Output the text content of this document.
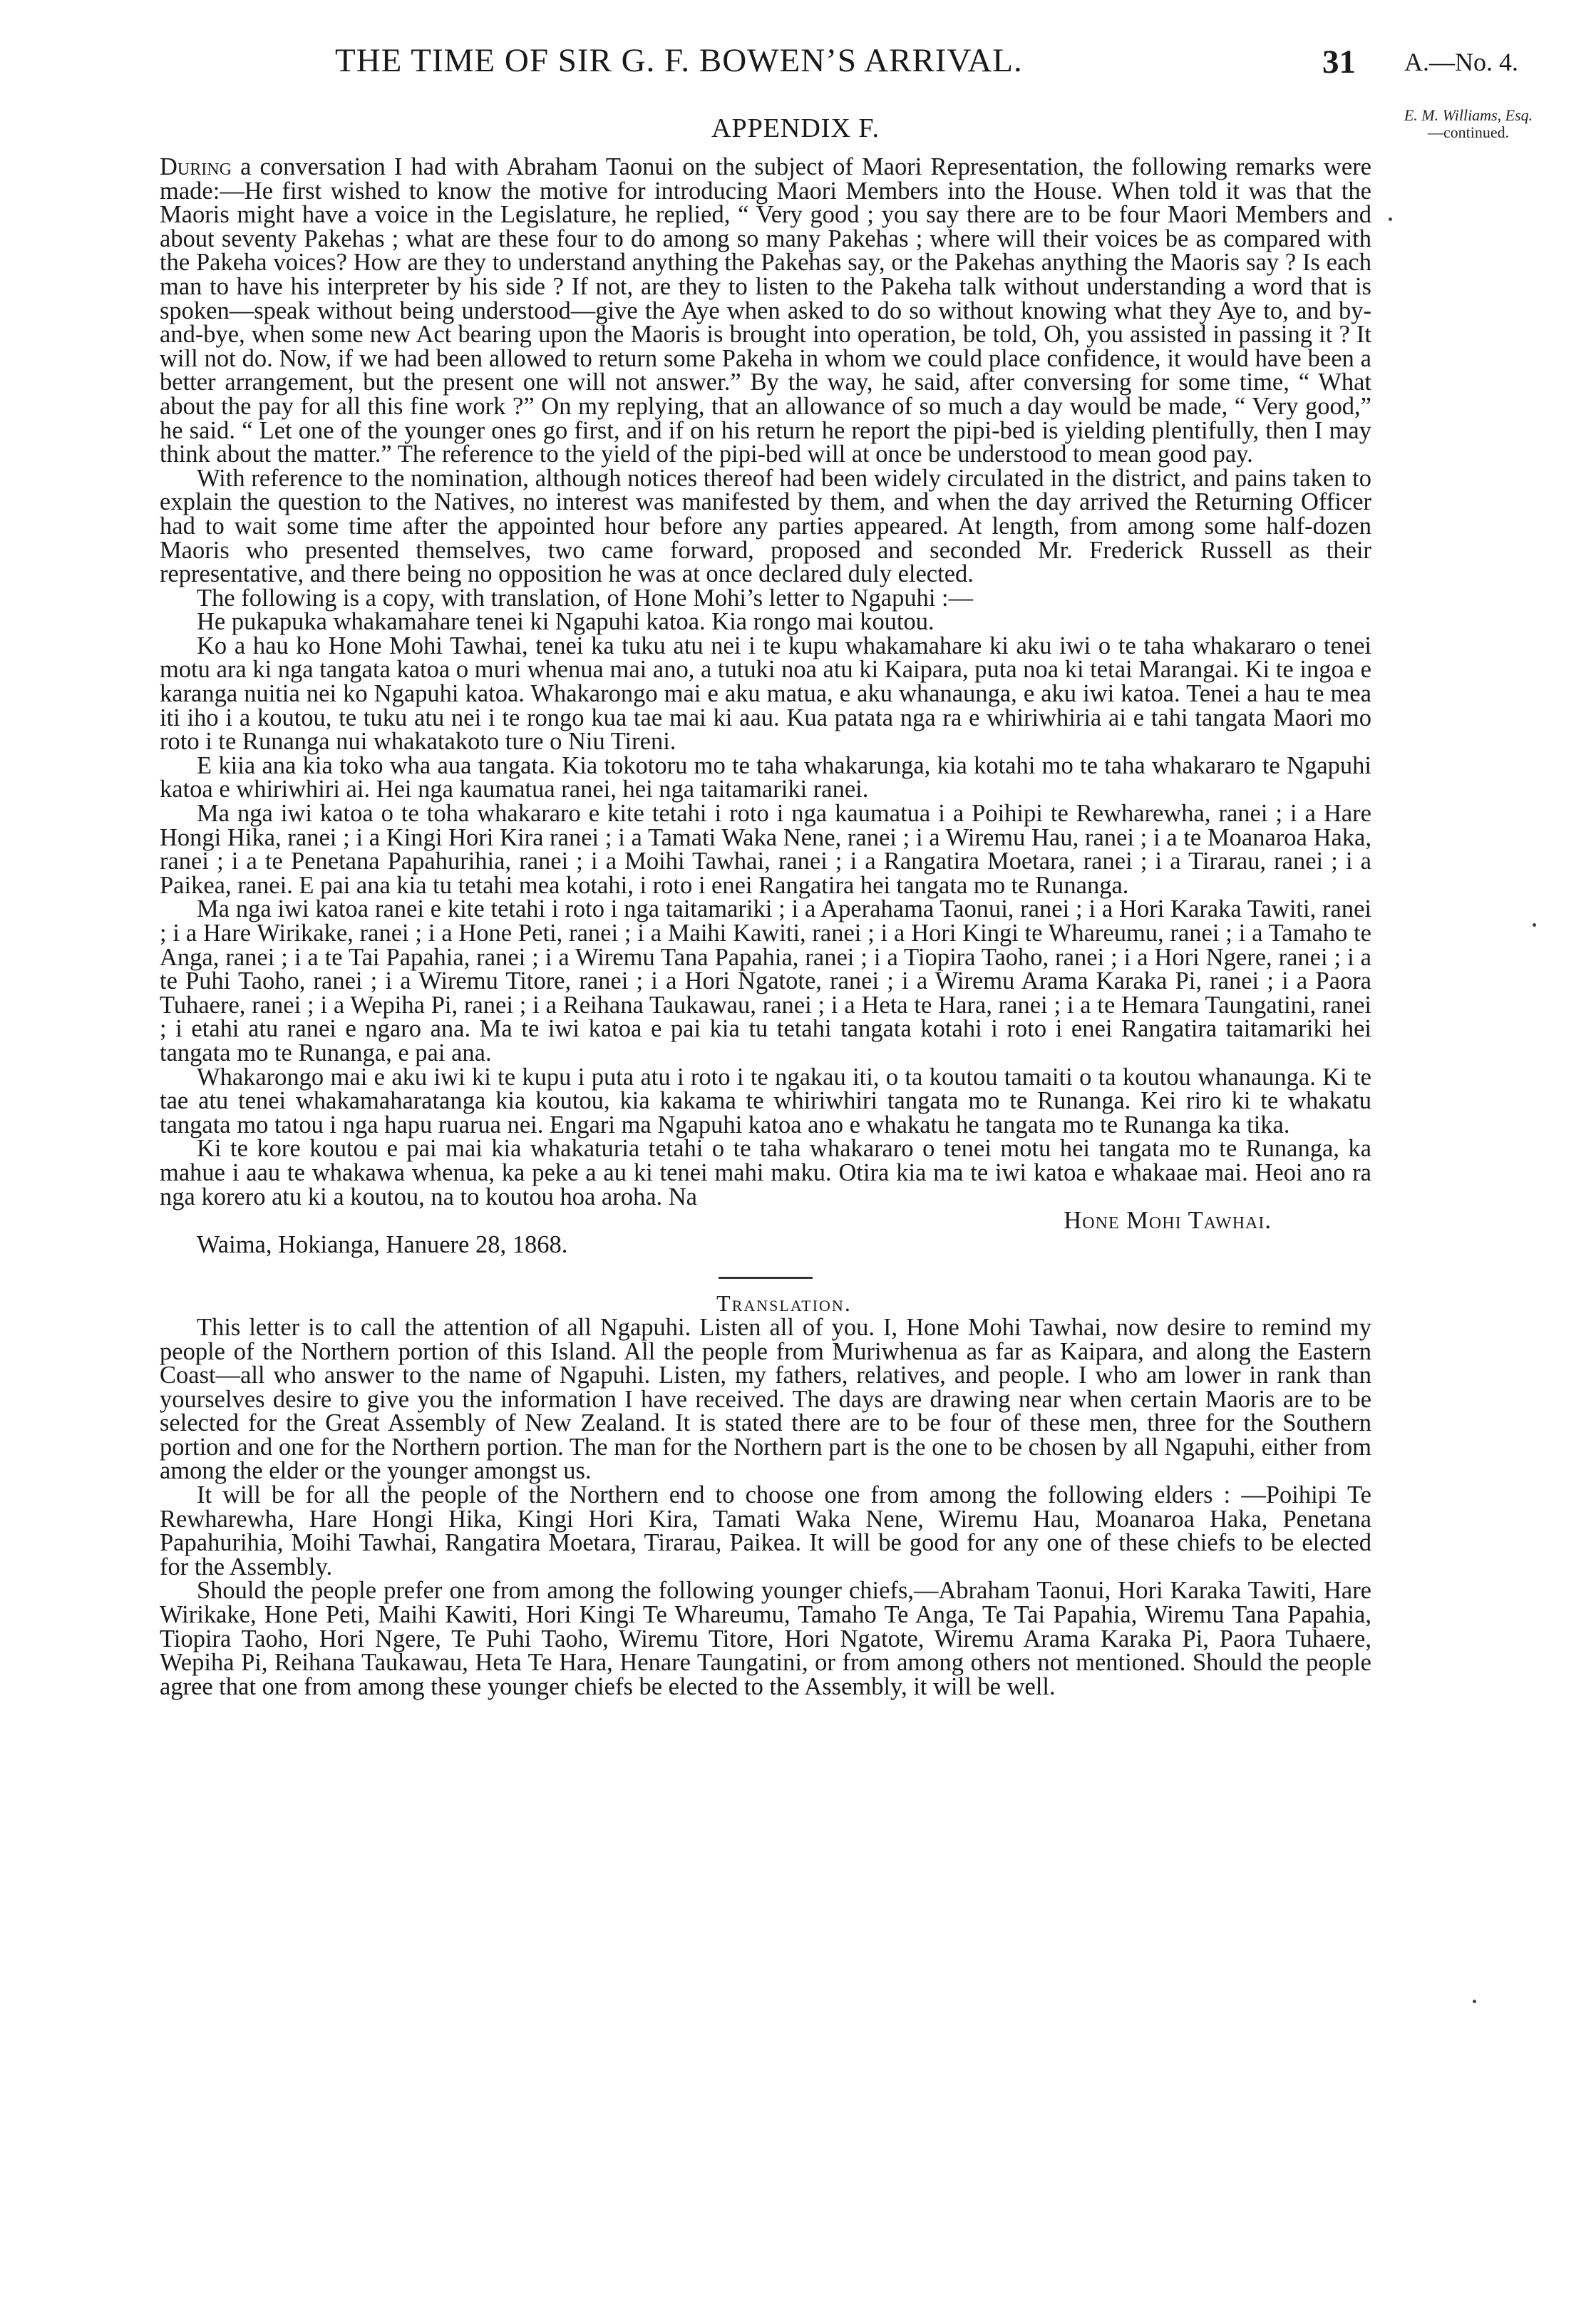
THE TIME OF SIR G. F. BOWEN’S ARRIVAL.	31 A.—No. 4.
APPENDIX F.	E. M. Williams, Esq.
—continued.

During a conversation I had with Abraham Taonui on the subject of Maori Representation, the following remarks were made:—He first wished to know the motive for introducing Maori Members into the House. When told it was that the Maoris might have a voice in the Legislature, he replied, “ Very good ; you say there are to be four Maori Members and about seventy Pakehas ; what are these four to do among so many Pakehas ; where will their voices be as compared with the Pakeha voices? How are they to understand anything the Pakehas say, or the Pakehas anything the Maoris say ? Is each man to have his interpreter by his side ? If not, are they to listen to the Pakeha talk without understanding a word that is spoken—speak without being understood—give the Aye when asked to do so without knowing what they Aye to, and by-and-bye, when some new Act bearing upon the Maoris is brought into operation, be told, Oh, you assisted in passing it ? It will not do. Now, if we had been allowed to return some Pakeha in whom we could place confidence, it would have been a better arrangement, but the present one will not answer.” By the way, he said, after conversing for some time, “ What about the pay for all this fine work ?” On my replying, that an allowance of so much a day would be made, “ Very good,” he said. “ Let one of the younger ones go first, and if on his return he report the pipi-bed is yielding plentifully, then I may think about the matter.” The reference to the yield of the pipi-bed will at once be understood to mean good pay.

With reference to the nomination, although notices thereof had been widely circulated in the district, and pains taken to explain the question to the Natives, no interest was manifested by them, and when the day arrived the Returning Officer had to wait some time after the appointed hour before any parties appeared. At length, from among some half-dozen Maoris who presented themselves, two came forward, proposed and seconded Mr. Frederick Russell as their representative, and there being no opposition he was at once declared duly elected.

The following is a copy, with translation, of Hone Mohi’s letter to Ngapuhi :—

He pukapuka whakamahare tenei ki Ngapuhi katoa. Kia rongo mai koutou.

Ko a hau ko Hone Mohi Tawhai, tenei ka tuku atu nei i te kupu whakamahare ki aku iwi o te taha whakararo o tenei motu ara ki nga tangata katoa o muri whenua mai ano, a tutuki noa atu ki Kaipara, puta noa ki tetai Marangai. Ki te ingoa e karanga nuitia nei ko Ngapuhi katoa. Whakarongo mai e aku matua, e aku whanaunga, e aku iwi katoa. Tenei a hau te mea iti iho i a koutou, te tuku atu nei i te rongo kua tae mai ki aau. Kua patata nga ra e whiriwhiria ai e tahi tangata Maori mo roto i te Runanga nui whakatakoto ture o Niu Tireni.

E kiia ana kia toko wha aua tangata. Kia tokotoru mo te taha whakarunga, kia kotahi mo te taha whakararo te Ngapuhi katoa e whiriwhiri ai. Hei nga kaumatua ranei, hei nga taitamariki ranei.

Ma nga iwi katoa o te toha whakararo e kite tetahi i roto i nga kaumatua i a Poihipi te Rewharewha, ranei ; i a Hare Hongi Hika, ranei ; i a Kingi Hori Kira ranei ; i a Tamati Waka Nene, ranei ; i a Wiremu Hau, ranei ; i a te Moanaroa Haka, ranei ; i a te Penetana Papahurihia, ranei ; i a Moihi Tawhai, ranei ; i a Rangatira Moetara, ranei ; i a Tirarau, ranei ; i a Paikea, ranei. E pai ana kia tu tetahi mea kotahi, i roto i enei Rangatira hei tangata mo te Runanga.

Ma nga iwi katoa ranei e kite tetahi i roto i nga taitamariki ; i a Aperahama Taonui, ranei ; i a Hori Karaka Tawiti, ranei ; i a Hare Wirikake, ranei ; i a Hone Peti, ranei ; i a Maihi Kawiti, ranei ; i a Hori Kingi te Whareumu, ranei ; i a Tamaho te Anga, ranei ; i a te Tai Papahia, ranei ; i a Wiremu Tana Papahia, ranei ; i a Tiopira Taoho, ranei ; i a Hori Ngere, ranei ; i a te Puhi Taoho, ranei ; i a Wiremu Titore, ranei ; i a Hori Ngatote, ranei ; i a Wiremu Arama Karaka Pi, ranei ; i a Paora Tuhaere, ranei ; i a Wepiha Pi, ranei ; i a Reihana Taukawau, ranei ; i a Heta te Hara, ranei ; i a te Hemara Taungatini, ranei ; i etahi atu ranei e ngaro ana. Ma te iwi katoa e pai kia tu tetahi tangata kotahi i roto i enei Rangatira taitamariki hei tangata mo te Runanga, e pai ana.

Whakarongo mai e aku iwi ki te kupu i puta atu i roto i te ngakau iti, o ta koutou tamaiti o ta koutou whanaunga. Ki te tae atu tenei whakamaharatanga kia koutou, kia kakama te whiriwhiri tangata mo te Runanga. Kei riro ki te whakatu tangata mo tatou i nga hapu ruarua nei. Engari ma Ngapuhi katoa ano e whakatu he tangata mo te Runanga ka tika.

Ki te kore koutou e pai mai kia whakaturia tetahi o te taha whakararo o tenei motu hei tangata mo te Runanga, ka mahue i aau te whakawa whenua, ka peke a au ki tenei mahi maku. Otira kia ma te iwi katoa e whakaae mai. Heoi ano ra nga korero atu ki a koutou, na to koutou hoa aroha. Na

Hone Mohi Tawhai.

Waima, Hokianga, Hanuere 28, 1868.

Translation.

This letter is to call the attention of all Ngapuhi. Listen all of you. I, Hone Mohi Tawhai, now desire to remind my people of the Northern portion of this Island. All the people from Muriwhenua as far as Kaipara, and along the Eastern Coast—all who answer to the name of Ngapuhi. Listen, my fathers, relatives, and people. I who am lower in rank than yourselves desire to give you the information I have received. The days are drawing near when certain Maoris are to be selected for the Great Assembly of New Zealand. It is stated there are to be four of these men, three for the Southern portion and one for the Northern portion. The man for the Northern part is the one to be chosen by all Ngapuhi, either from among the elder or the younger amongst us.

It will be for all the people of the Northern end to choose one from among the following elders : —Poihipi Te Rewharewha, Hare Hongi Hika, Kingi Hori Kira, Tamati Waka Nene, Wiremu Hau, Moanaroa Haka, Penetana Papahurihia, Moihi Tawhai, Rangatira Moetara, Tirarau, Paikea. It will be good for any one of these chiefs to be elected for the Assembly.

Should the people prefer one from among the following younger chiefs,—Abraham Taonui, Hori Karaka Tawiti, Hare Wirikake, Hone Peti, Maihi Kawiti, Hori Kingi Te Whareumu, Tamaho Te Anga, Te Tai Papahia, Wiremu Tana Papahia, Tiopira Taoho, Hori Ngere, Te Puhi Taoho, Wiremu Titore, Hori Ngatote, Wiremu Arama Karaka Pi, Paora Tuhaere, Wepiha Pi, Reihana Taukawau, Heta Te Hara, Henare Taungatini, or from among others not mentioned. Should the people agree that one from among these younger chiefs be elected to the Assembly, it will be well.
